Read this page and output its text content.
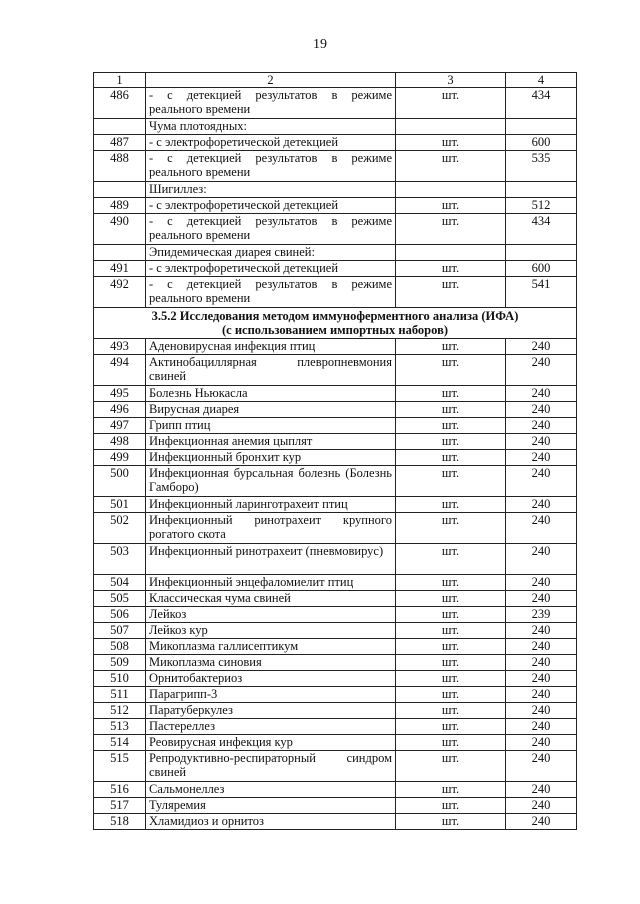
19
1	2	3	4
486	- с детекцией результатов в режиме реального времени	шт.	434
	Чума плотоядных:		
487	- с электрофоретической детекцией	шт.	600
488	- с детекцией результатов в режиме реального времени	шт.	535
	Шигиллез:		
489	- с электрофоретической детекцией	шт.	512
490	- с детекцией результатов в режиме реального времени	шт.	434
	Эпидемическая диарея свиней:		
491	- с электрофоретической детекцией	шт.	600
492	- с детекцией результатов в режиме реального времени	шт.	541

3.5.2 Исследования методом иммуноферментного анализа (ИФА)
(с использованием импортных наборов)			

493	Аденовирусная инфекция птиц	шт.	240
494	Актинобациллярная плевропневмония свиней	шт.	240
495	Болезнь Ньюкасла	шт.	240
496	Вирусная диарея	шт.	240
497	Грипп птиц	шт.	240
498	Инфекционная анемия цыплят	шт.	240
499	Инфекционный бронхит кур	шт.	240
500	Инфекционная бурсальная болезнь (Болезнь Гамборо)	шт.	240
501	Инфекционный ларинготрахеит птиц	шт.	240
502	Инфекционный ринотрахеит крупного рогатого скота	шт.	240
503	Инфекционный ринотрахеит (пневмовирус)	шт.	240
504	Инфекционный энцефаломиелит птиц	шт.	240
505	Классическая чума свиней	шт.	240
506	Лейкоз	шт.	239
507	Лейкоз кур	шт.	240
508	Микоплазма галлисептикум	шт.	240
509	Микоплазма синовия	шт.	240
510	Орнитобактериоз	шт.	240
511	Парагрипп-3	шт.	240
512	Паратуберкулез	шт.	240
513	Пастереллез	шт.	240
514	Реовирусная инфекция кур	шт.	240
515	Репродуктивно-респираторный синдром свиней	шт.	240
516	Сальмонеллез	шт.	240
517	Туляремия	шт.	240
518	Хламидиоз и орнитоз	шт.	240
